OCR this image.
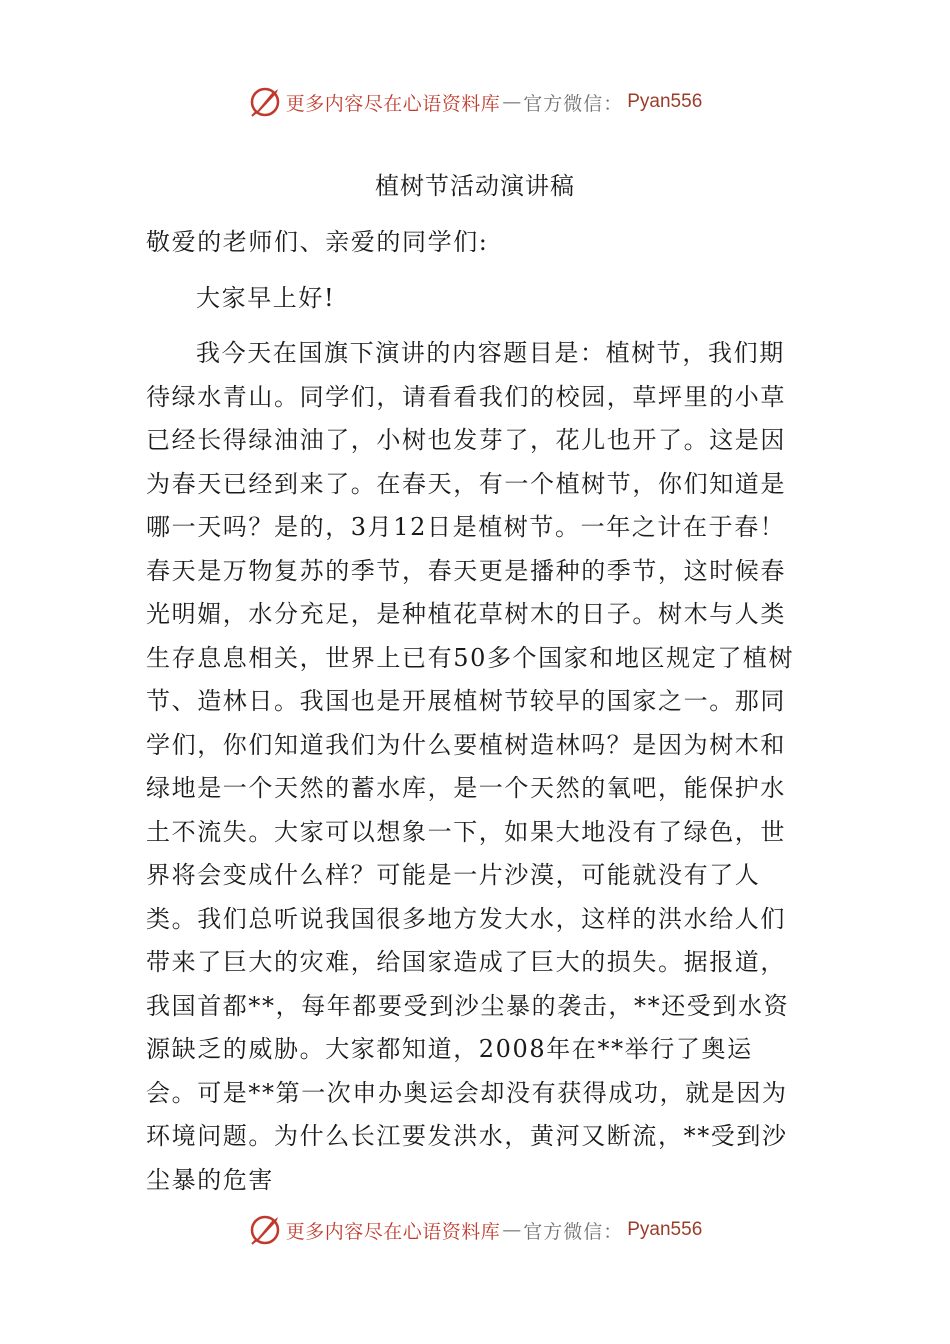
更多内容尽在心语资料库 — 官方微信： Pyan556
植树节活动演讲稿

敬爱的老师们、亲爱的同学们:

大家早上好!

我今天在国旗下演讲的内容题目是：植树节，我们期待绿水青山。同学们，请看看我们的校园，草坪里的小草已经长得绿油油了，小树也发芽了，花儿也开了。这是因为春天已经到来了。在春天，有一个植树节，你们知道是哪一天吗？是的，3月12日是植树节。一年之计在于春！春天是万物复苏的季节，春天更是播种的季节，这时候春光明媚，水分充足，是种植花草树木的日子。树木与人类生存息息相关，世界上已有50多个国家和地区规定了植树节、造林日。我国也是开展植树节较早的国家之一。那同学们，你们知道我们为什么要植树造林吗？是因为树木和绿地是一个天然的蓄水库，是一个天然的氧吧，能保护水土不流失。大家可以想象一下，如果大地没有了绿色，世界将会变成什么样？可能是一片沙漠，可能就没有了人类。我们总听说我国很多地方发大水，这样的洪水给人们带来了巨大的灾难，给国家造成了巨大的损失。据报道，我国首都**，每年都要受到沙尘暴的袭击，**还受到水资源缺乏的威胁。大家都知道，2008年在**举行了奥运会。可是**第一次申办奥运会却没有获得成功，就是因为环境问题。为什么长江要发洪水，黄河又断流，**受到沙尘暴的危害

更多内容尽在心语资料库 — 官方微信： Pyan556
